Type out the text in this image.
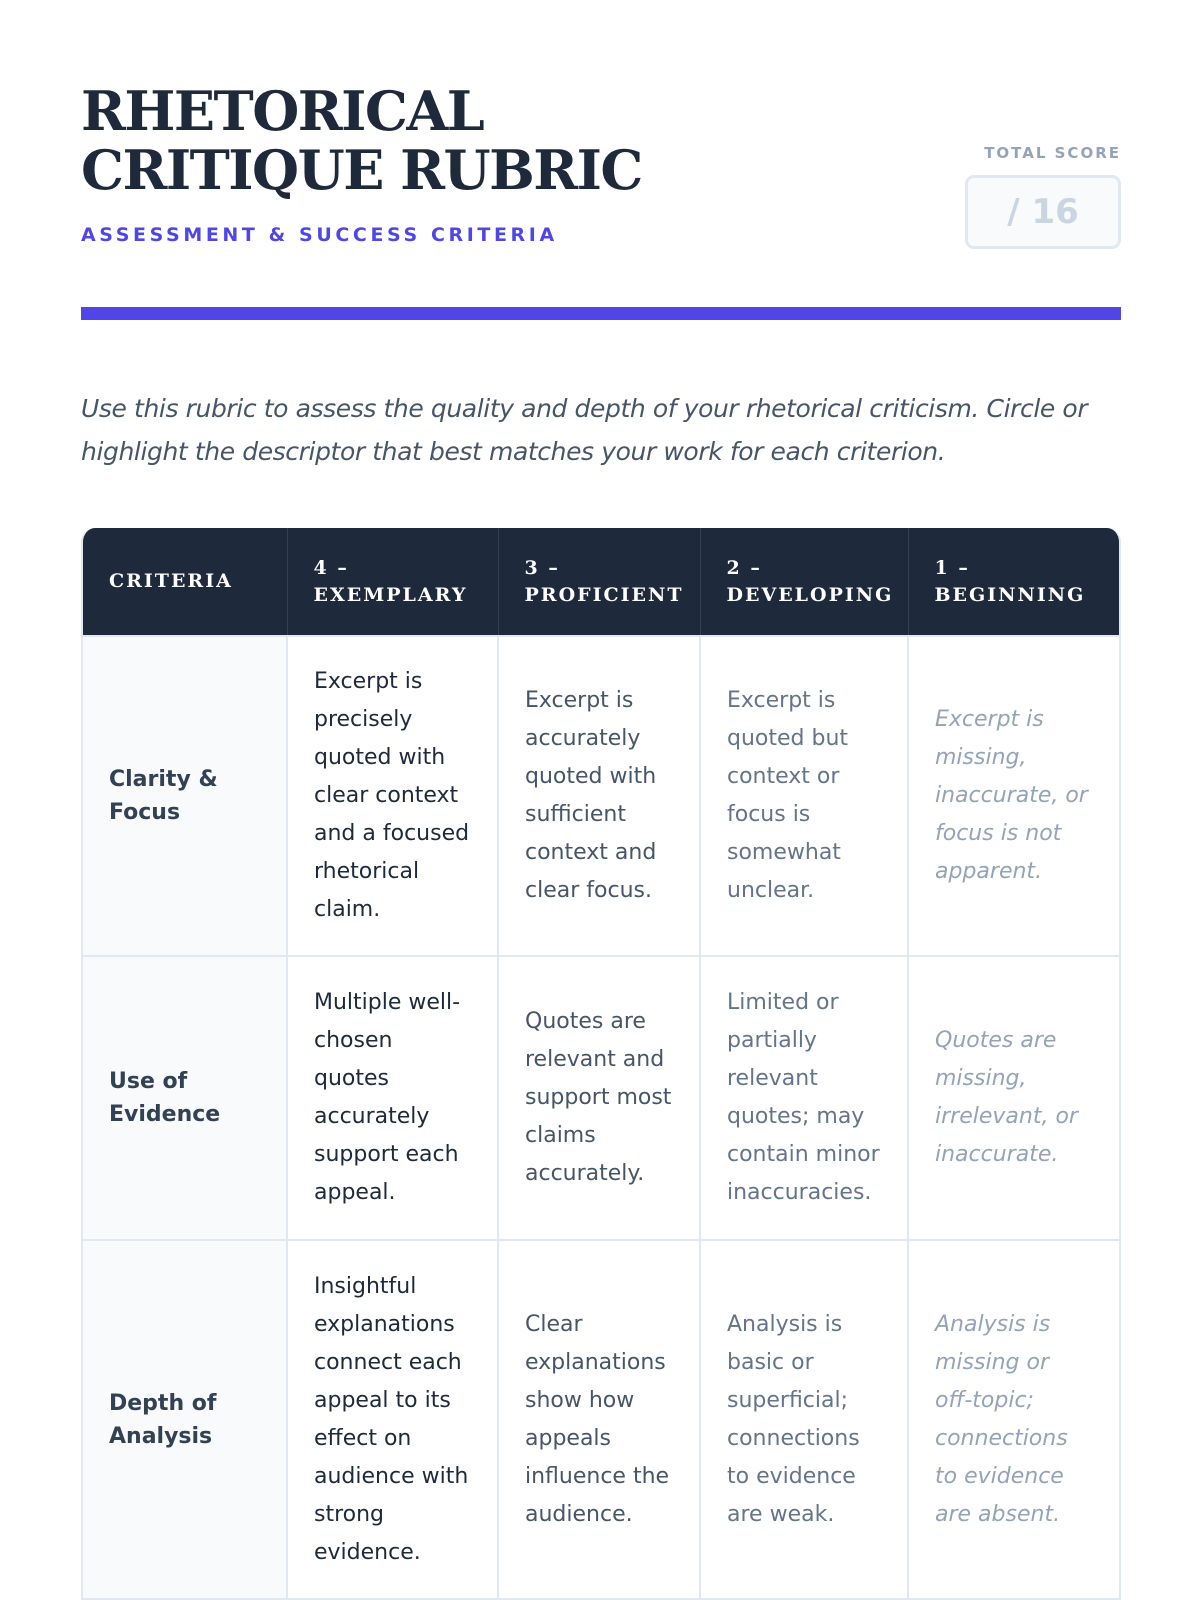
RHETORICAL CRITIQUE RUBRIC
ASSESSMENT & SUCCESS CRITERIA
TOTAL SCORE
/ 16

Use this rubric to assess the quality and depth of your rhetorical criticism. Circle or highlight the descriptor that best matches your work for each criterion.

CRITERIA	4 – EXEMPLARY	3 – PROFICIENT	2 – DEVELOPING	1 – BEGINNING
Clarity & Focus	Excerpt is precisely quoted with clear context and a focused rhetorical claim.	Excerpt is accurately quoted with sufficient context and clear focus.	Excerpt is quoted but context or focus is somewhat unclear.	Excerpt is missing, inaccurate, or focus is not apparent.
Use of Evidence	Multiple well-chosen quotes accurately support each appeal.	Quotes are relevant and support most claims accurately.	Limited or partially relevant quotes; may contain minor inaccuracies.	Quotes are missing, irrelevant, or inaccurate.
Depth of Analysis	Insightful explanations connect each appeal to its effect on audience with strong evidence.	Clear explanations show how appeals influence the audience.	Analysis is basic or superficial; connections to evidence are weak.	Analysis is missing or off-topic; connections to evidence are absent.
